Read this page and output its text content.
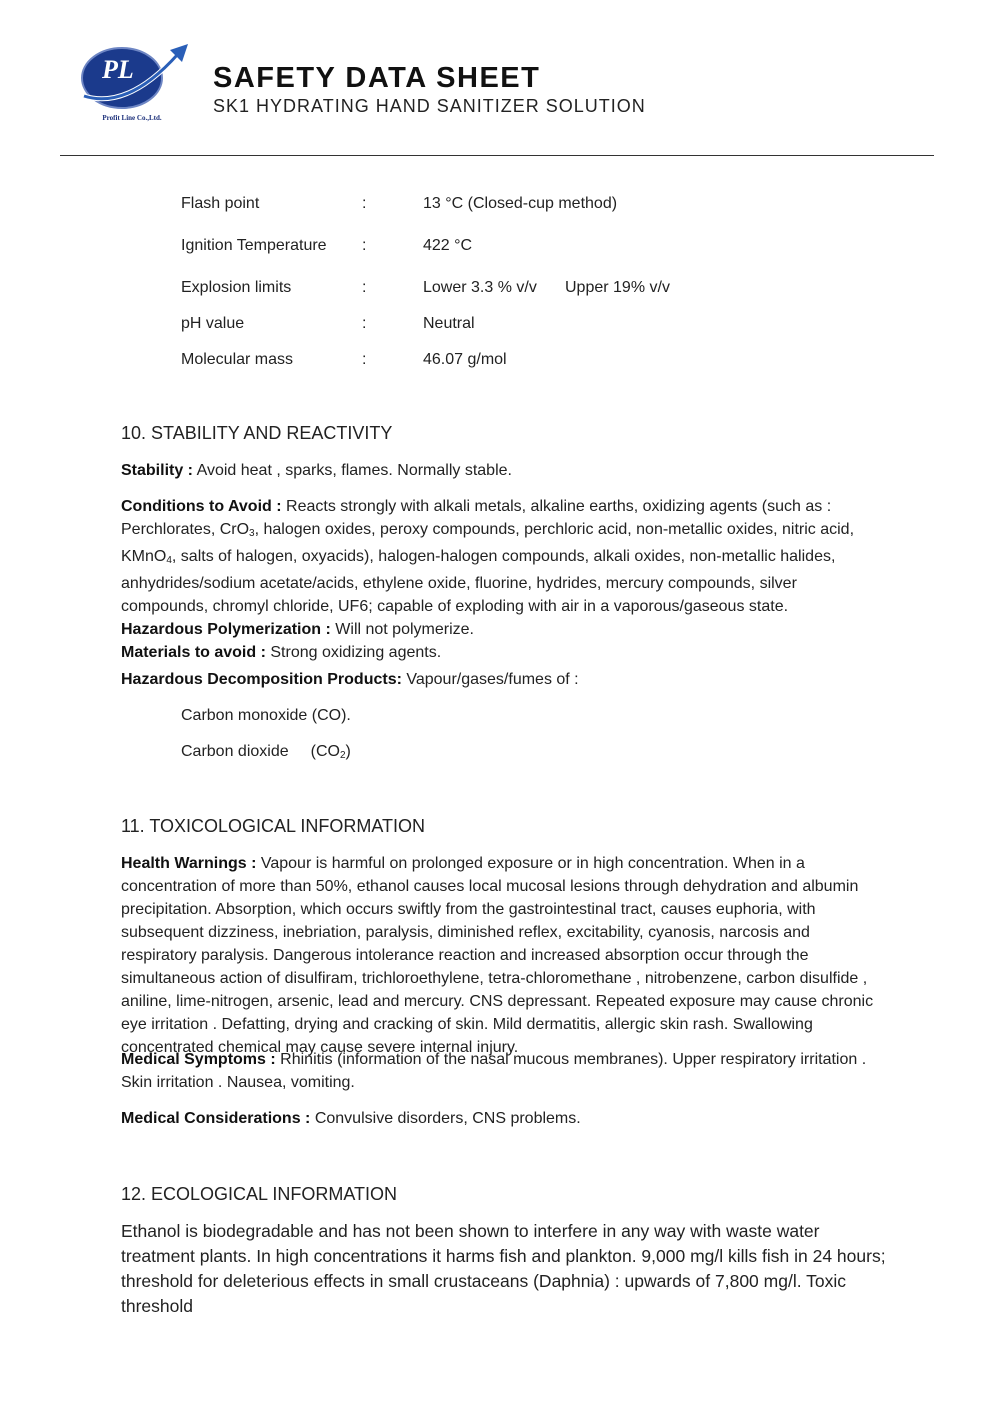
PL
Profit Line Co.,Ltd.
SAFETY DATA SHEET
SK1 HYDRATING HAND SANITIZER SOLUTION
Flash point	:	13 °C (Closed-cup method)
Ignition Temperature :	422 °C
Explosion limits	:	Lower 3.3 % v/v Upper 19% v/v
pH value	:	Neutral
Molecular mass	:	46.07 g/mol
10. STABILITY AND REACTIVITY
Stability : Avoid heat , sparks, flames. Normally stable.
Conditions to Avoid : Reacts strongly with alkali metals, alkaline earths, oxidizing agents (such as : Perchlorates, CrO$_3$, halogen oxides, peroxy compounds, perchloric acid, non-metallic oxides, nitric acid, KMnO$_4$, salts of halogen, oxyacids), halogen-halogen compounds, alkali oxides, non-metallic halides, anhydrides/sodium acetate/acids, ethylene oxide, fluorine, hydrides, mercury compounds, silver compounds, chromyl chloride, UF6; capable of exploding with air in a vaporous/gaseous state.
Hazardous Polymerization : Will not polymerize.
Materials to avoid : Strong oxidizing agents.
Hazardous Decomposition Products: Vapour/gases/fumes of :
Carbon monoxide (CO).
Carbon dioxide $(CO_2)$
11. TOXICOLOGICAL INFORMATION
Health Warnings : Vapour is harmful on prolonged exposure or in high concentration. When in a concentration of more than 50%, ethanol causes local mucosal lesions through dehydration and albumin precipitation. Absorption, which occurs swiftly from the gastrointestinal tract, causes euphoria, with subsequent dizziness, inebriation, paralysis, diminished reflex, excitability, cyanosis, narcosis and respiratory paralysis. Dangerous intolerance reaction and increased absorption occur through the simultaneous action of disulfiram, trichloroethylene, tetra-chloromethane , nitrobenzene, carbon disulfide , aniline, lime-nitrogen, arsenic, lead and mercury. CNS depressant. Repeated exposure may cause chronic eye irritation . Defatting, drying and cracking of skin. Mild dermatitis, allergic skin rash. Swallowing concentrated chemical may cause severe internal injury.
Medical Symptoms : Rhinitis (information of the nasal mucous membranes). Upper respiratory irritation . Skin irritation . Nausea, vomiting.
Medical Considerations : Convulsive disorders, CNS problems.
12. ECOLOGICAL INFORMATION
Ethanol is biodegradable and has not been shown to interfere in any way with waste water treatment plants. In high concentrations it harms fish and plankton. 9,000 mg/l kills fish in 24 hours; threshold for deleterious effects in small crustaceans (Daphnia) : upwards of 7,800 mg/l. Toxic threshold
